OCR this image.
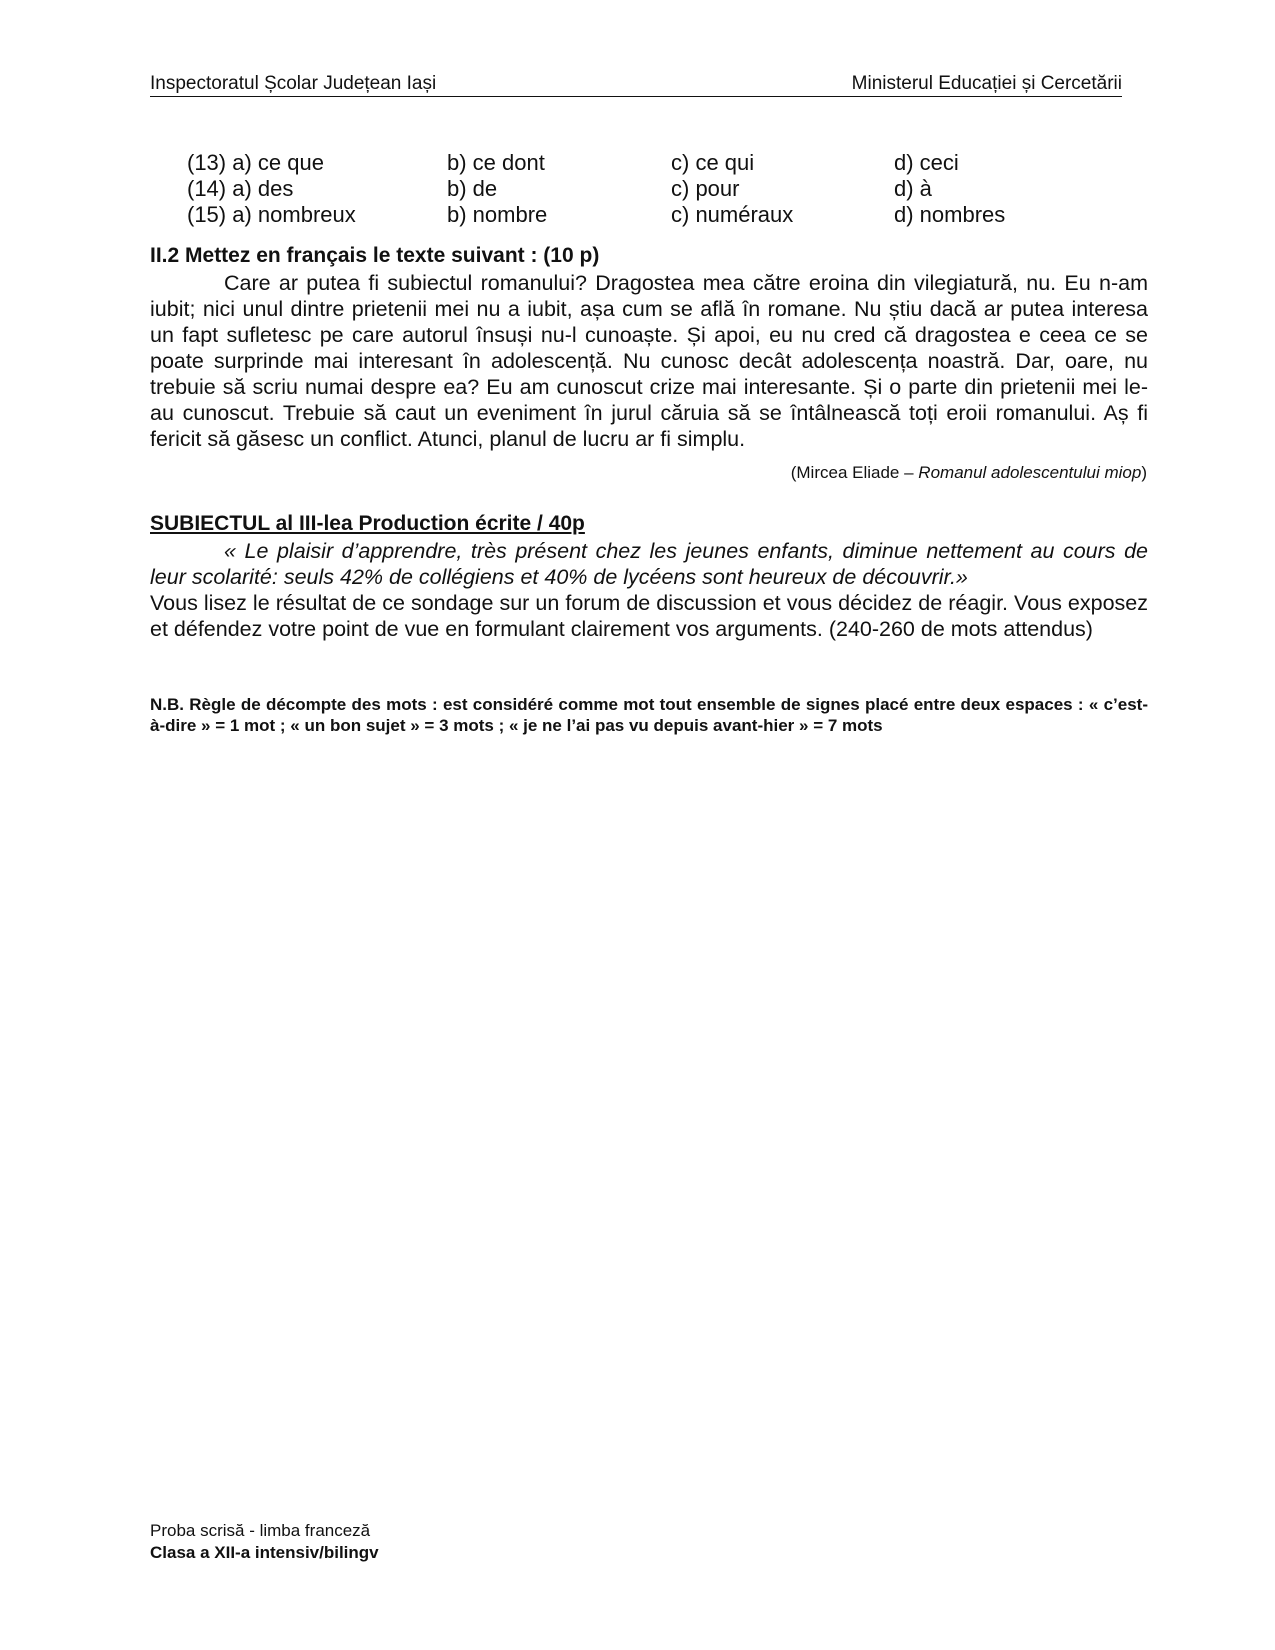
Inspectoratul Școlar Județean Iași	Ministerul Educației și Cercetării
(13) a) ce que	b) ce dont	c) ce qui	d) ceci
(14) a) des	b) de	c) pour	d) à
(15) a) nombreux	b) nombre	c) numéraux	d) nombres
II.2 Mettez en français le texte suivant : (10 p)
Care ar putea fi subiectul romanului? Dragostea mea către eroina din vilegiatură, nu. Eu n-am iubit; nici unul dintre prietenii mei nu a iubit, așa cum se află în romane. Nu știu dacă ar putea interesa un fapt sufletesc pe care autorul însuși nu-l cunoaște. Și apoi, eu nu cred că dragostea e ceea ce se poate surprinde mai interesant în adolescență. Nu cunosc decât adolescența noastră. Dar, oare, nu trebuie să scriu numai despre ea? Eu am cunoscut crize mai interesante. Și o parte din prietenii mei le-au cunoscut. Trebuie să caut un eveniment în jurul căruia să se întâlnească toți eroii romanului. Aș fi fericit să găsesc un conflict. Atunci, planul de lucru ar fi simplu.
(Mircea Eliade – Romanul adolescentului miop)
SUBIECTUL al III-lea Production écrite / 40p
« Le plaisir d’apprendre, très présent chez les jeunes enfants, diminue nettement au cours de leur scolarité: seuls 42% de collégiens et 40% de lycéens sont heureux de découvrir.»
Vous lisez le résultat de ce sondage sur un forum de discussion et vous décidez de réagir. Vous exposez et défendez votre point de vue en formulant clairement vos arguments. (240-260 de mots attendus)
N.B. Règle de décompte des mots : est considéré comme mot tout ensemble de signes placé entre deux espaces : « c’est-à-dire » = 1 mot ; « un bon sujet » = 3 mots ; « je ne l’ai pas vu depuis avant-hier » = 7 mots
Proba scrisă - limba franceză
Clasa a XII-a intensiv/bilingv
